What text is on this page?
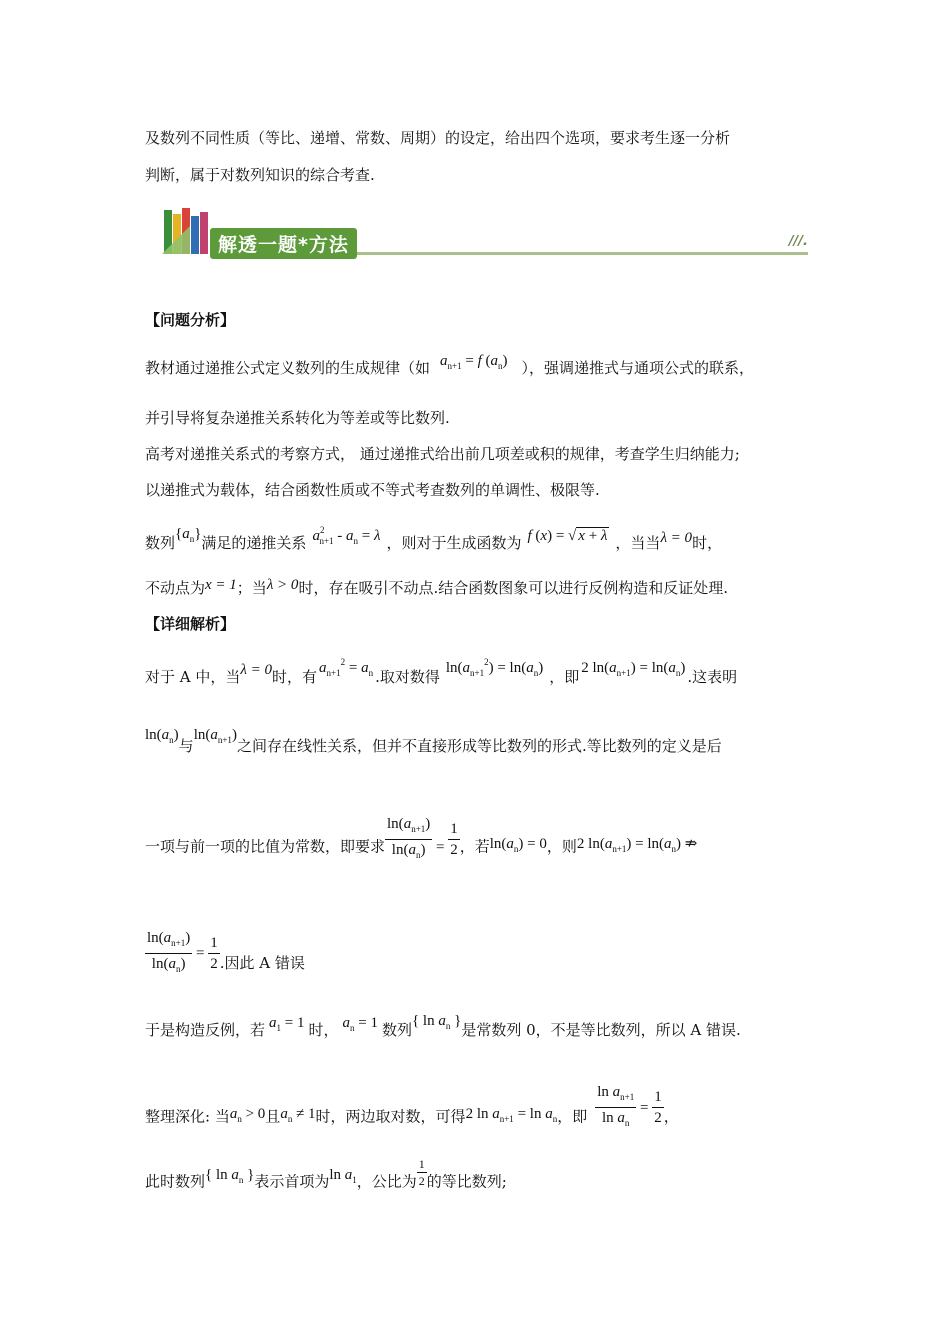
及数列不同性质（等比、递增、常数、周期）的设定，给出四个选项，要求考生逐一分析
判断，属于对数列知识的综合考查.
解透一题*方法	///.
【问题分析】
教材通过递推公式定义数列的生成规律（如 $a_{n+1} = f$ $(a_n)$ ），强调递推式与通项公式的联系，
并引导将复杂递推关系转化为等差或等比数列.
高考对递推关系式的考察方式， 通过递推式给出前几项差或积的规律，考查学生归纳能力;
以递推式为载体，结合函数性质或不等式考查数列的单调性、极限等.
数列$\{a_n\}$满足的递推关系 $a^2_{n+1} - a_n = \lambda$ ，则对于生成函数为 f (x) = √ x + λ ，当当λ = 0时，
不动点为x = 1；当λ > 0时，存在吸引不动点.结合函数图象可以进行反例构造和反证处理.
【详细解析】
对于 A 中，当λ = 0时，有 $a_{n+1}^2 = a_n$ .取对数得 $\ln(a_{n+1}^2) = \ln(a_n)$ ，即 2 $\ln(a_{n+1}) = \ln(a_n)$ .这表明
$\ln(a_n)$与$\ln(a_{n+1})$之间存在线性关系，但并不直接形成等比数列的形式.等比数列的定义是后
一项与前一项的比值为常数，即要求 $\frac{\ln(a_{n+1})}{\ln(a_n)} = \frac{1}{2}$ ，若$\ln(a_n) = 0$，则2 $\ln(a_{n+1}) = \ln(a_n)$ ⇏
$\frac{\ln(a_{n+1})}{\ln(a_n)} = \frac{1}{2}$ .因此 A 错误
于是构造反例，若 $a_1 = 1$ 时， $a_n = 1$ 数列{ $\ln a_n$ }是常数列 0，不是等比数列，所以 A 错误.
整理深化: 当$a_n > 0$且$a_n \ne 1$时，两边取对数，可得2 $\ln a_{n+1} = \ln a_n$，即 $\frac{\ln a_{n+1}}{\ln a_n} = \frac{1}{2}$ ，
此时数列{ $\ln a_n$ }表示首项为$\ln a_1$，公比为 $\frac{1}{2}$ 的等比数列;
